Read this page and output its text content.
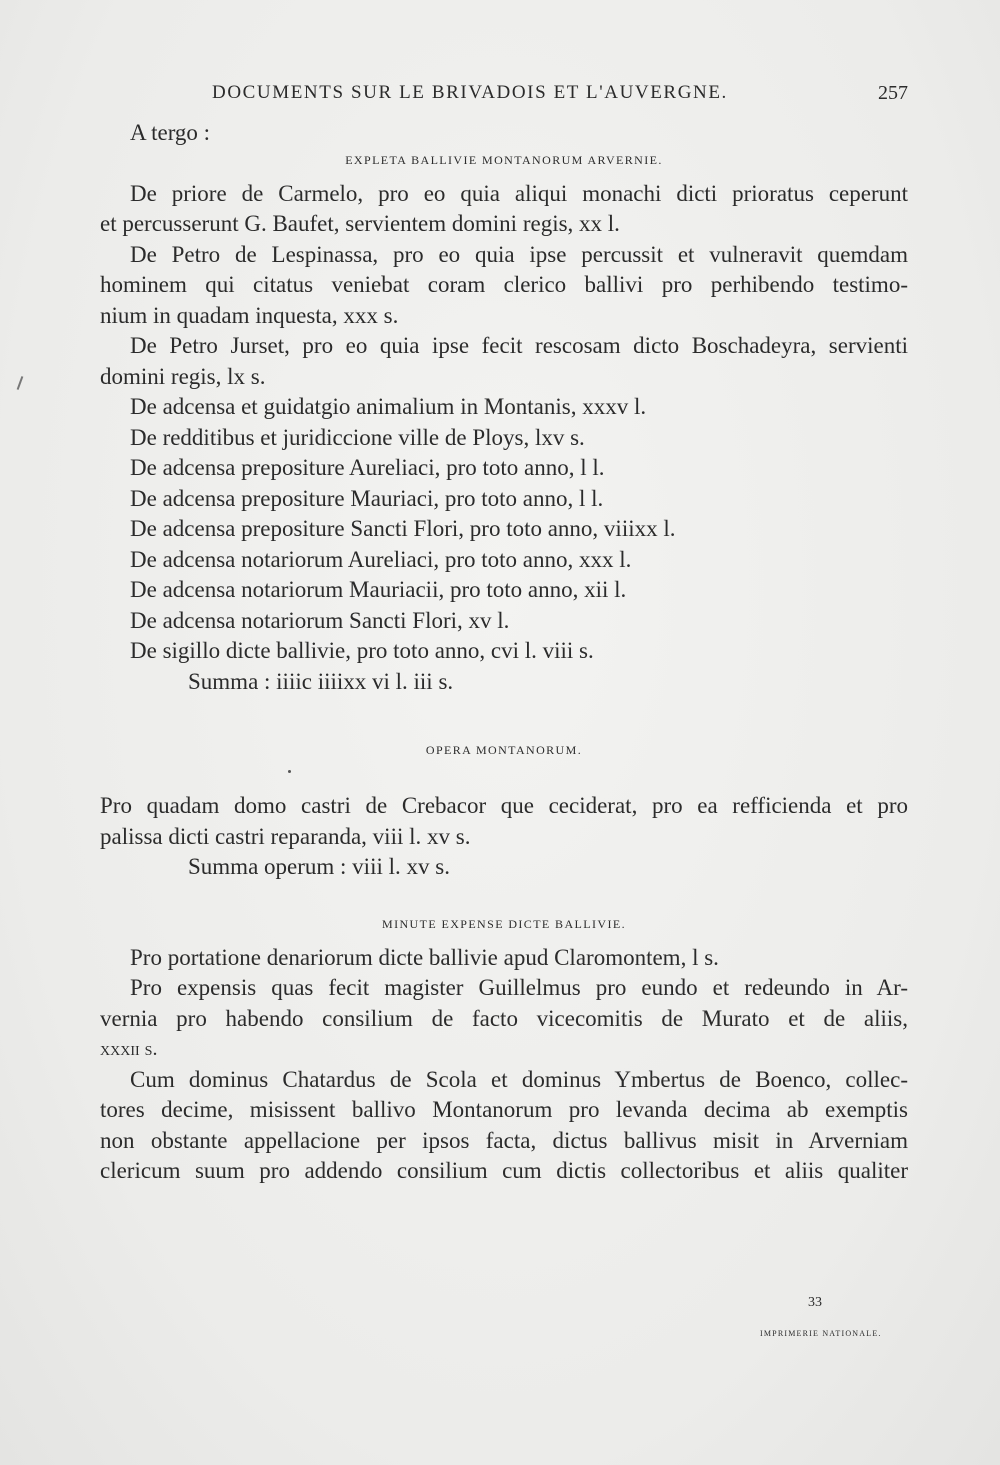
DOCUMENTS SUR LE BRIVADOIS ET L'AUVERGNE.	257
A tergo :
EXPLETA BALLIVIE MONTANORUM ARVERNIE.
De priore de Carmelo, pro eo quia aliqui monachi dicti prioratus ceperunt
et percusserunt G. Baufet, servientem domini regis, xx l.
De Petro de Lespinassa, pro eo quia ipse percussit et vulneravit quemdam
hominem qui citatus veniebat coram clerico ballivi pro perhibendo testimo-
nium in quadam inquesta, xxx s.
De Petro Jurset, pro eo quia ipse fecit rescosam dicto Boschadeyra, servienti
domini regis, lx s.
De adcensa et guidatgio animalium in Montanis, xxxv l.
De redditibus et juridiccione ville de Ploys, lxv s.
De adcensa prepositure Aureliaci, pro toto anno, l l.
De adcensa prepositure Mauriaci, pro toto anno, l l.
De adcensa prepositure Sancti Flori, pro toto anno, viiixx l.
De adcensa notariorum Aureliaci, pro toto anno, xxx l.
De adcensa notariorum Mauriacii, pro toto anno, xii l.
De adcensa notariorum Sancti Flori, xv l.
De sigillo dicte ballivie, pro toto anno, cvi l. viii s.
Summa : iiiic iiiixx vi l. iii s.
OPERA MONTANORUM.
Pro quadam domo castri de Crebacor que ceciderat, pro ea refficienda et pro
palissa dicti castri reparanda, viii l. xv s.
Summa operum : viii l. xv s.
MINUTE EXPENSE DICTE BALLIVIE.
Pro portatione denariorum dicte ballivie apud Claromontem, l s.
Pro expensis quas fecit magister Guillelmus pro eundo et redeundo in Ar-
vernia pro habendo consilium de facto vicecomitis de Murato et de aliis,
xxxii s.
Cum dominus Chatardus de Scola et dominus Ymbertus de Boenco, collec-
tores decime, misissent ballivo Montanorum pro levanda decima ab exemptis
non obstante appellacione per ipsos facta, dictus ballivus misit in Arverniam
clericum suum pro addendo consilium cum dictis collectoribus et aliis qualiter
33
IMPRIMERIE NATIONALE.
